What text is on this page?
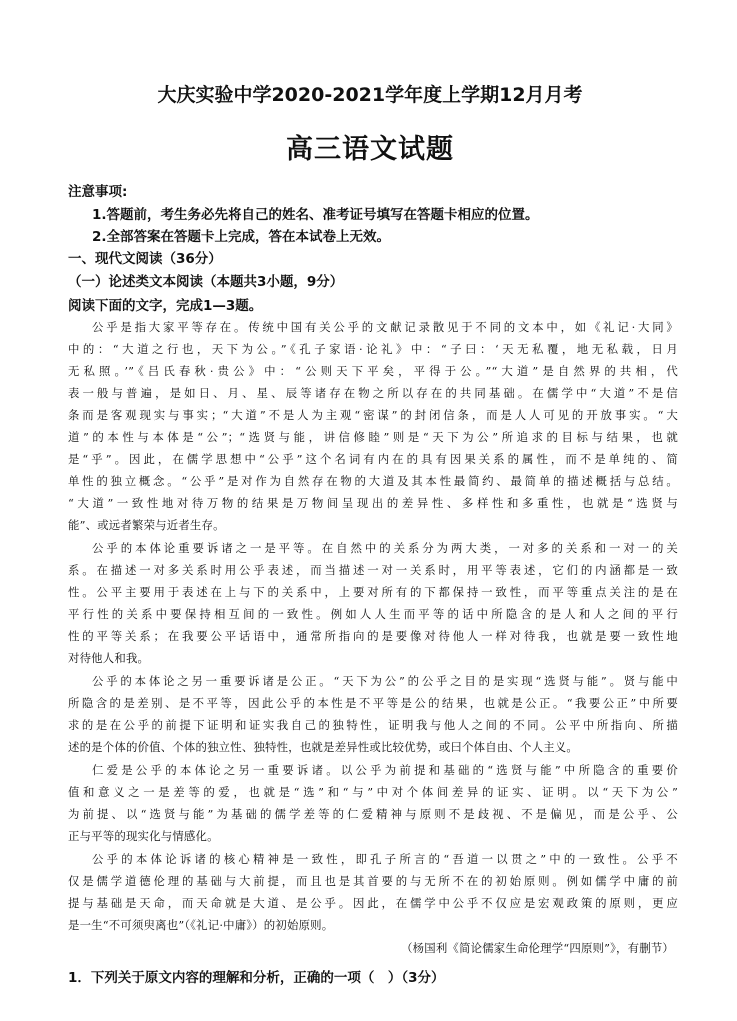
大庆实验中学2020-2021学年度上学期12月月考
高三语文试题
注意事项:
1.答题前，考生务必先将自己的姓名、准考证号填写在答题卡相应的位置。
2.全部答案在答题卡上完成，答在本试卷上无效。
一、现代文阅读（36分）
（一）论述类文本阅读（本题共3小题，9分）
阅读下面的文字，完成1—3题。
公乎是指大家平等存在。传统中国有关公乎的文献记录散见于不同的文本中，如《礼记·大同》
中的：“大道之行也，天下为公。”《孔子家语·论礼》中：“子曰：‘天无私覆，地无私载，日月
无私照。’”《吕氏春秋·贵公》中：“公则天下平矣，平得于公。”“大道”是自然界的共相，代
表一般与普遍，是如日、月、星、辰等诸存在物之所以存在的共同基础。在儒学中“大道”不是信
条而是客观现实与事实；“大道”不是人为主观“密谋”的封闭信条，而是人人可见的开放事实。“大
道”的本性与本体是“公”；“选贤与能，讲信修睦”则是“天下为公”所追求的目标与结果，也就
是“乎”。因此，在儒学思想中“公乎”这个名词有内在的具有因果关系的属性，而不是单纯的、简
单性的独立概念。“公乎”是对作为自然存在物的大道及其本性最简约、最简单的描述概括与总结。
“大道”一致性地对待万物的结果是万物间呈现出的差异性、多样性和多重性，也就是“选贤与
能”、或远者繁荣与近者生存。
公乎的本体论重要诉诸之一是平等。在自然中的关系分为两大类，一对多的关系和一对一的关
系。在描述一对多关系时用公乎表述，而当描述一对一关系时，用平等表述，它们的内涵都是一致
性。公平主要用于表述在上与下的关系中，上要对所有的下都保持一致性，而平等重点关注的是在
平行性的关系中要保持相互间的一致性。例如人人生而平等的话中所隐含的是人和人之间的平行
性的平等关系；在我要公平话语中，通常所指向的是要像对待他人一样对待我，也就是要一致性地
对待他人和我。
公乎的本体论之另一重要诉诸是公正。“天下为公”的公乎之目的是实现“选贤与能”。贤与能中
所隐含的是差别、是不平等，因此公乎的本性是不平等是公的结果，也就是公正。“我要公正”中所要
求的是在公乎的前提下证明和证实我自己的独特性，证明我与他人之间的不同。公平中所指向、所描
述的是个体的价值、个体的独立性、独特性，也就是差异性或比较优势，或曰个体自由、个人主义。
仁爱是公乎的本体论之另一重要诉诸。以公乎为前提和基础的“选贤与能”中所隐含的重要价
值和意义之一是差等的爱，也就是“选”和“与”中对个体间差异的证实、证明。以“天下为公”
为前提、以“选贤与能”为基础的儒学差等的仁爱精神与原则不是歧视、不是偏见，而是公乎、公
正与平等的现实化与情感化。
公乎的本体论诉诸的核心精神是一致性，即孔子所言的“吾道一以贯之”中的一致性。公乎不
仅是儒学道德伦理的基础与大前提，而且也是其首要的与无所不在的初始原则。例如儒学中庸的前
提与基础是天命，而天命就是大道、是公乎。因此，在儒学中公乎不仅应是宏观政策的原则，更应
是一生“不可须臾离也”（《礼记·中庸》）的初始原则。
（杨国利《简论儒家生命伦理学“四原则”》，有删节）
1．下列关于原文内容的理解和分析，正确的一项（　）（3分）
